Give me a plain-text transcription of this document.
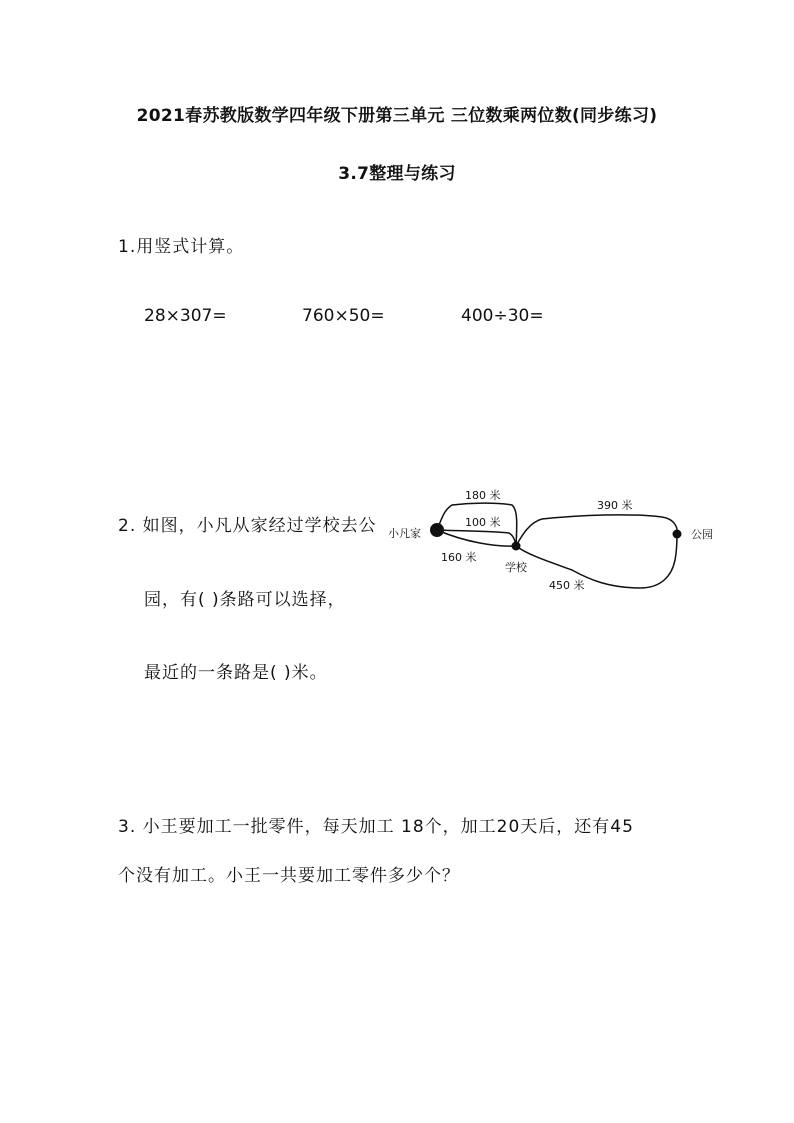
2021春苏教版数学四年级下册第三单元 三位数乘两位数(同步练习)
3.7整理与练习
1.用竖式计算。
28×307=	760×50=	400÷30=
2. 如图，小凡从家经过学校去公
园，有( )条路可以选择，
最近的一条路是( )米。
3. 小王要加工一批零件，每天加工 18个，加工20天后，还有45
个没有加工。小王一共要加工零件多少个？
小凡家
学校
公园
180 米
100 米
160 米
390 米
450 米
